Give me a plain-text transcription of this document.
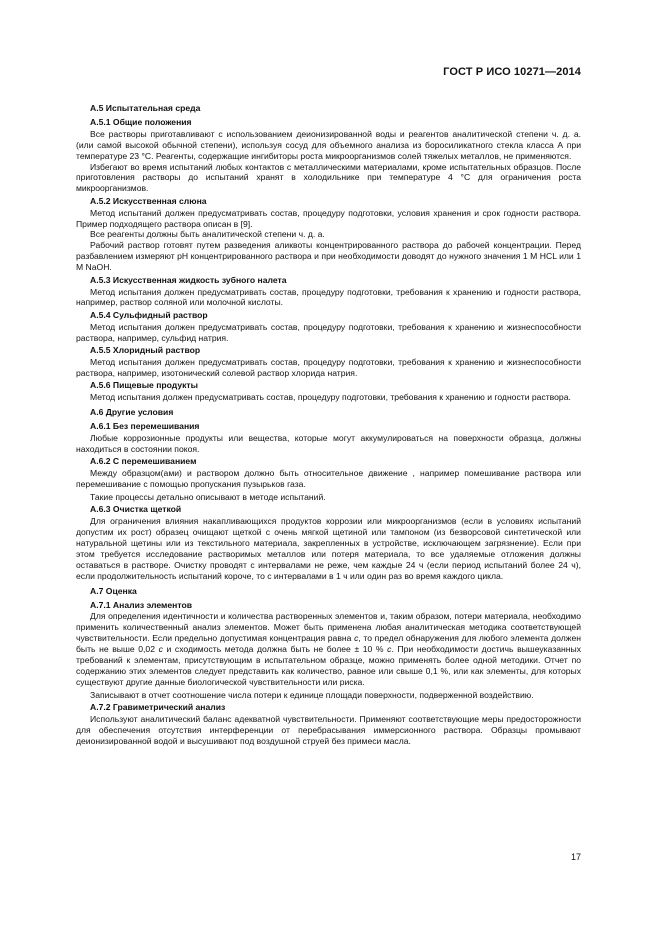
ГОСТ Р ИСО 10271—2014

А.5 Испытательная среда

А.5.1 Общие положения

Все растворы приготавливают с использованием деионизированной воды и реагентов аналитической степени ч. д. а. (или самой высокой обычной степени), используя сосуд для объемного анализа из боросиликатного стекла класса А при температуре 23 °С. Реагенты, содержащие ингибиторы роста микроорганизмов солей тяжелых металлов, не применяются.

Избегают во время испытаний любых контактов с металлическими материалами, кроме испытательных образцов. После приготовления растворы до испытаний хранят в холодильнике при температуре 4 °С для ограничения роста микроорганизмов.

А.5.2 Искусственная слюна

Метод испытаний должен предусматривать состав, процедуру подготовки, условия хранения и срок годности раствора. Пример подходящего раствора описан в [9].

Все реагенты должны быть аналитической степени ч. д. а.

Рабочий раствор готовят путем разведения аликвоты концентрированного раствора до рабочей концентрации. Перед разбавлением измеряют pH концентрированного раствора и при необходимости доводят до нужного значения 1 М HCL или 1 М NaOH.

А.5.3 Искусственная жидкость зубного налета

Метод испытания должен предусматривать состав, процедуру подготовки, требования к хранению и годности раствора, например, раствор соляной или молочной кислоты.

А.5.4 Сульфидный раствор

Метод испытания должен предусматривать состав, процедуру подготовки, требования к хранению и жизнеспособности раствора, например, сульфид натрия.

А.5.5 Хлоридный раствор

Метод испытания должен предусматривать состав, процедуру подготовки, требования к хранению и жизнеспособности раствора, например, изотонический солевой раствор хлорида натрия.

А.5.6 Пищевые продукты

Метод испытания должен предусматривать состав, процедуру подготовки, требования к хранению и годности раствора.

А.6 Другие условия

А.6.1 Без перемешивания

Любые коррозионные продукты или вещества, которые могут аккумулироваться на поверхности образца, должны находиться в состоянии покоя.

А.6.2 С перемешиванием

Между образцом(ами) и раствором должно быть относительное движение , например помешивание раствора или перемешивание с помощью пропускания пузырьков газа.

Такие процессы детально описывают в методе испытаний.

А.6.3 Очистка щеткой

Для ограничения влияния накапливающихся продуктов коррозии или микроорганизмов (если в условиях испытаний допустим их рост) образец очищают щеткой с очень мягкой щетиной или тампоном (из безворсовой синтетической или натуральной щетины или из текстильного материала, закрепленных в устройстве, исключающем загрязнение). Если при этом требуется исследование растворимых металлов или потеря материала, то все удаляемые отложения должны оставаться в растворе. Очистку проводят с интервалами не реже, чем каждые 24 ч (если период испытаний более 24 ч), если продолжительность испытаний короче, то с интервалами в 1 ч или один раз во время каждого цикла.

А.7 Оценка

А.7.1 Анализ элементов

Для определения идентичности и количества растворенных элементов и, таким образом, потери материала, необходимо применить количественный анализ элементов. Может быть применена любая аналитическая методика соответствующей чувствительности. Если предельно допустимая концентрация равна с, то предел обнаружения для любого элемента должен быть не выше 0,02 с и сходимость метода должна быть не более ± 10 % с. При необходимости достичь вышеуказанных требований к элементам, присутствующим в испытательном образце, можно применять более одной методики. Отчет по содержанию этих элементов следует представить как количество, равное или свыше 0,1 %, или как элементы, для которых существуют другие данные биологической чувствительности или риска.

Записывают в отчет соотношение числа потери к единице площади поверхности, подверженной воздействию.

А.7.2 Гравиметрический анализ

Используют аналитический баланс адекватной чувствительности. Применяют соответствующие меры предосторожности для обеспечения отсутствия интерференции от перебрасывания иммерсионного раствора. Образцы промывают деионизированной водой и высушивают под воздушной струей без примеси масла.

17
